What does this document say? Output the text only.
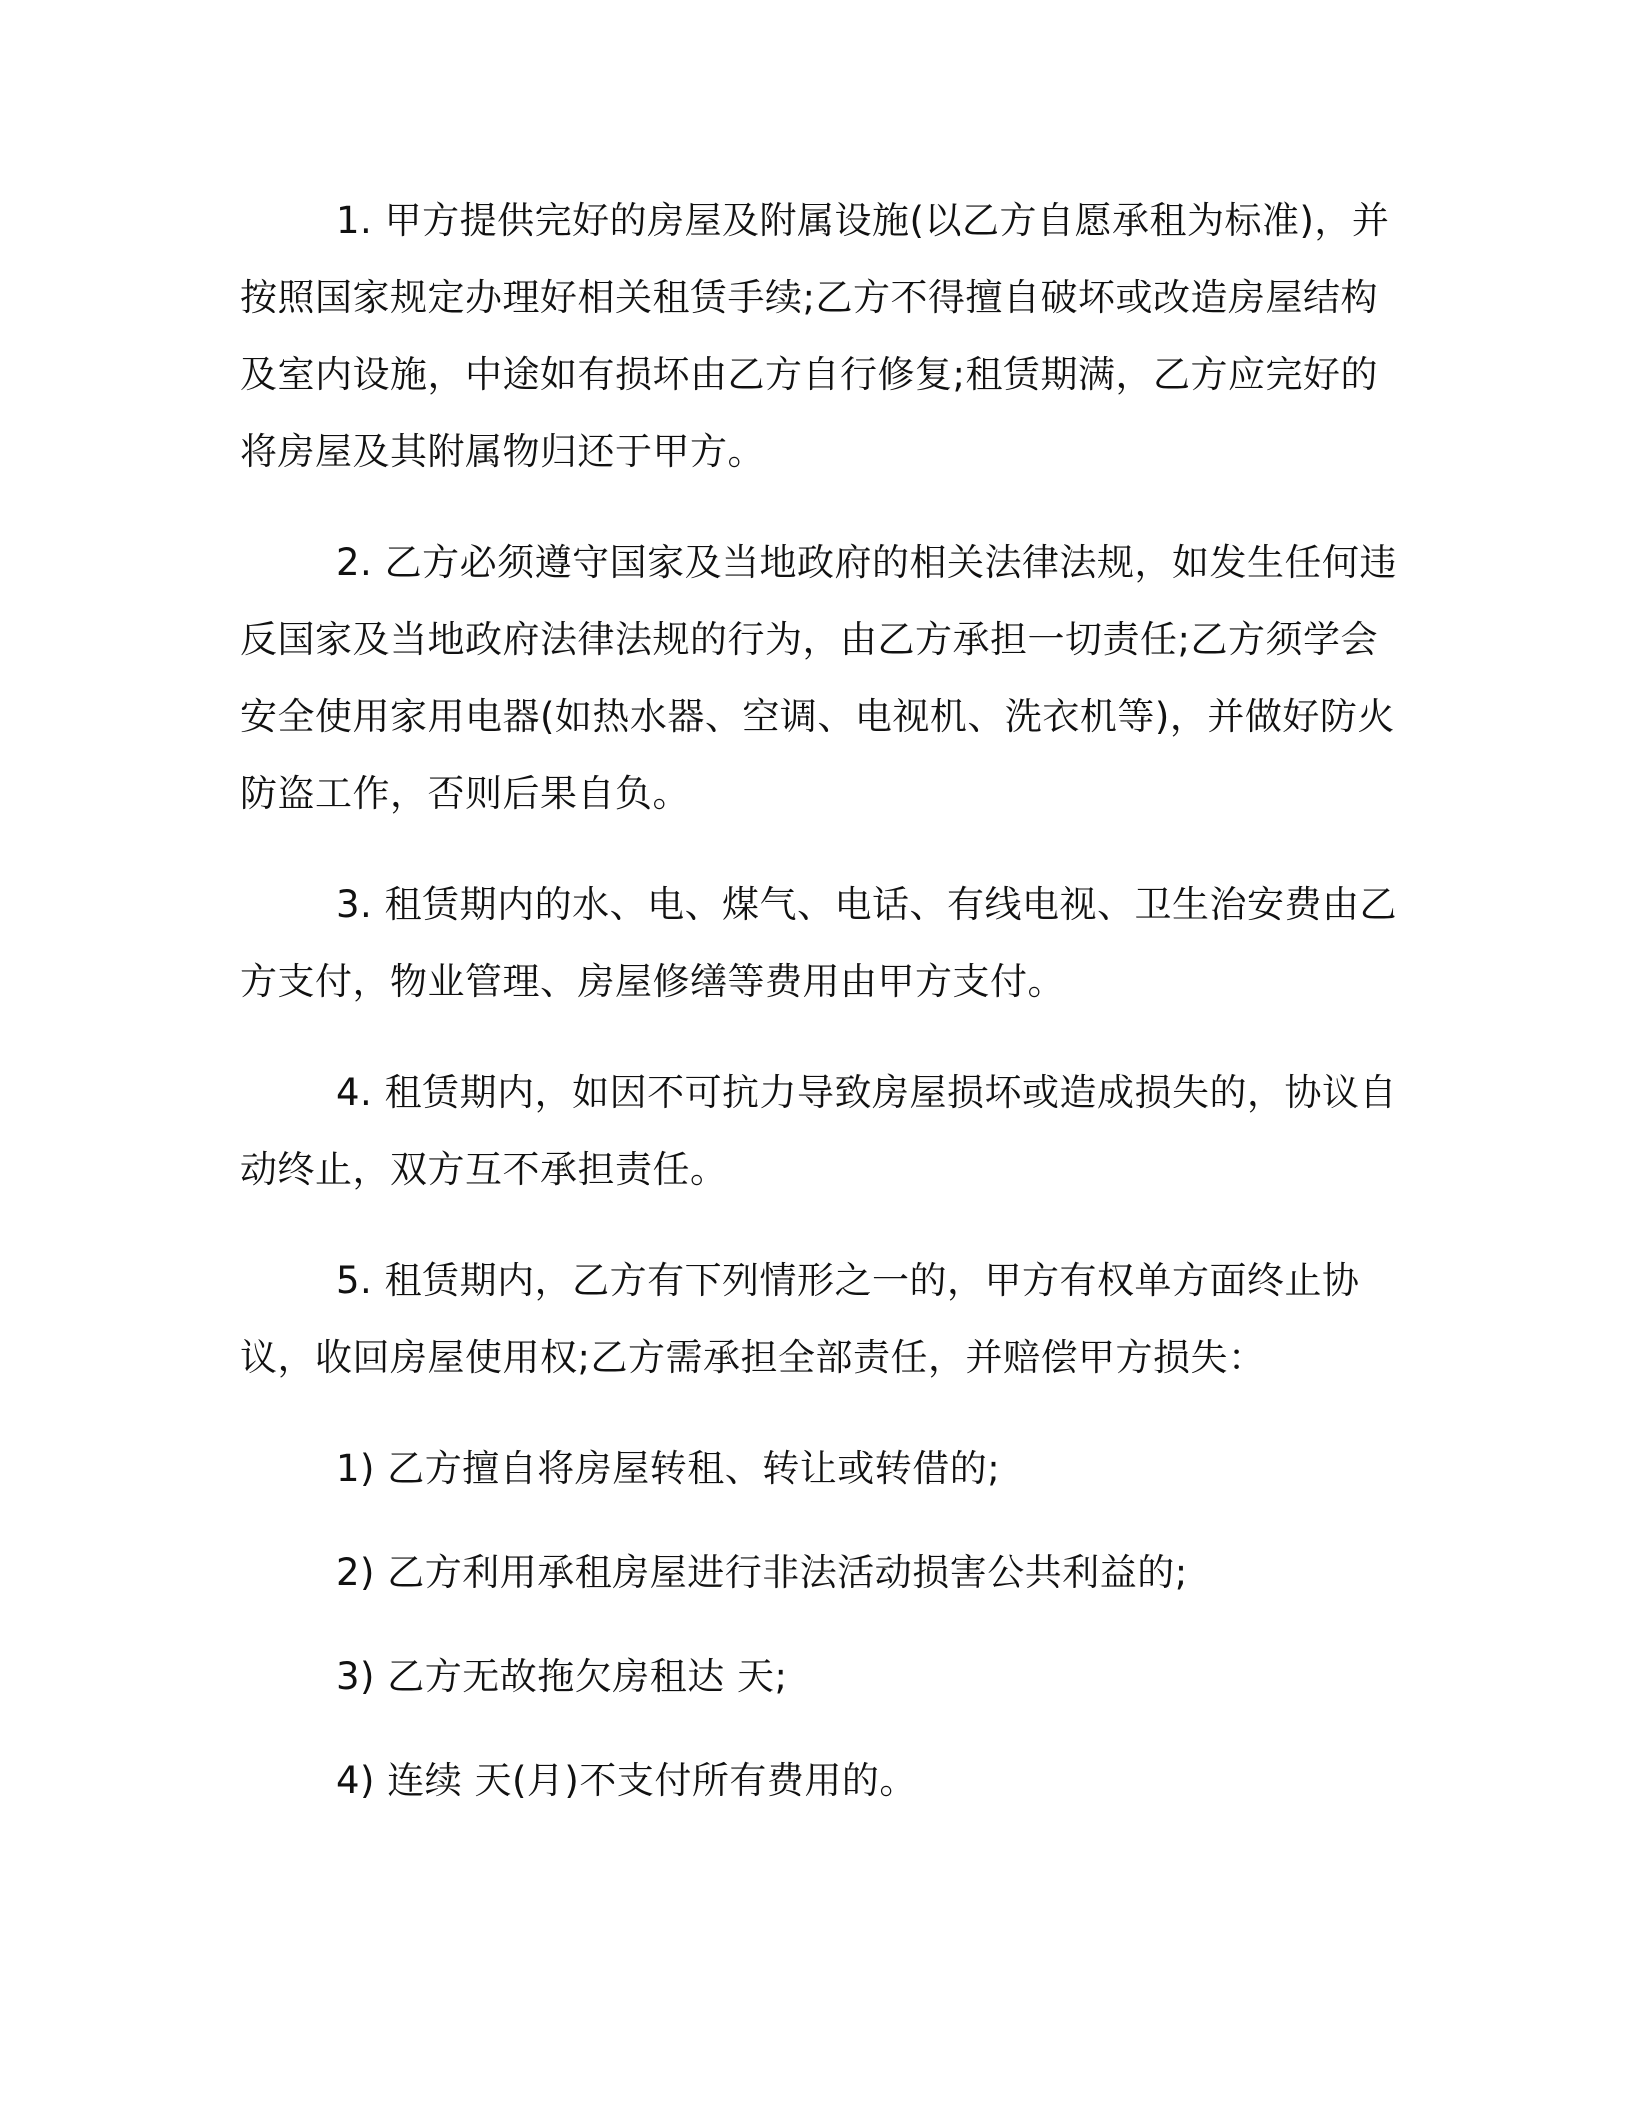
1. 甲方提供完好的房屋及附属设施(以乙方自愿承租为标准)，并按照国家规定办理好相关租赁手续;乙方不得擅自破坏或改造房屋结构及室内设施，中途如有损坏由乙方自行修复;租赁期满，乙方应完好的将房屋及其附属物归还于甲方。

2. 乙方必须遵守国家及当地政府的相关法律法规，如发生任何违反国家及当地政府法律法规的行为，由乙方承担一切责任;乙方须学会安全使用家用电器(如热水器、空调、电视机、洗衣机等)，并做好防火防盗工作，否则后果自负。

3. 租赁期内的水、电、煤气、电话、有线电视、卫生治安费由乙方支付，物业管理、房屋修缮等费用由甲方支付。

4. 租赁期内，如因不可抗力导致房屋损坏或造成损失的，协议自动终止，双方互不承担责任。

5. 租赁期内，乙方有下列情形之一的，甲方有权单方面终止协议，收回房屋使用权;乙方需承担全部责任，并赔偿甲方损失：

1) 乙方擅自将房屋转租、转让或转借的;

2) 乙方利用承租房屋进行非法活动损害公共利益的;

3) 乙方无故拖欠房租达 天;

4) 连续 天(月)不支付所有费用的。
